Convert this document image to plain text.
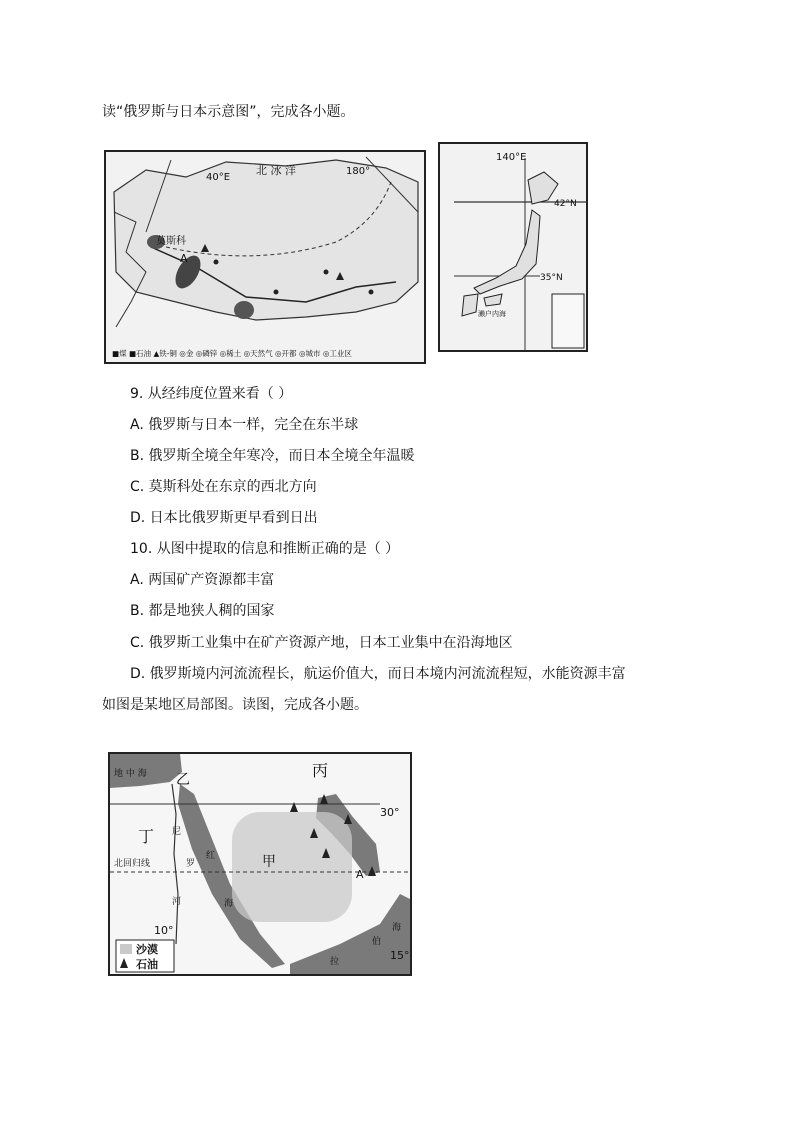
读“俄罗斯与日本示意图”，完成各小题。
40°E
北 冰 洋	180°
莫斯科
A
■煤 ■石油 ▲铁-铜 ◎金 ◎磷锌 ◎稀土 ◎天然气 ◎开都 ◎城市 ◎工业区
140°E
42°N
35°N
濑户内海
9. 从经纬度位置来看（ ）
A. 俄罗斯与日本一样，完全在东半球
B. 俄罗斯全境全年寒冷，而日本全境全年温暖
C. 莫斯科处在东京的西北方向
D. 日本比俄罗斯更早看到日出
10. 从图中提取的信息和推断正确的是（ ）
A. 两国矿产资源都丰富
B. 都是地狭人稠的国家
C. 俄罗斯工业集中在矿产资源产地，日本工业集中在沿海地区
D. 俄罗斯境内河流流程长，航运价值大，而日本境内河流流程短，水能资源丰富
如图是某地区局部图。读图，完成各小题。
地 中 海 乙	丙
丁
甲
尼
罗
河
红
海
30°
北回归线
15°
10°
A
伯
拉
海
沙漠
石油
